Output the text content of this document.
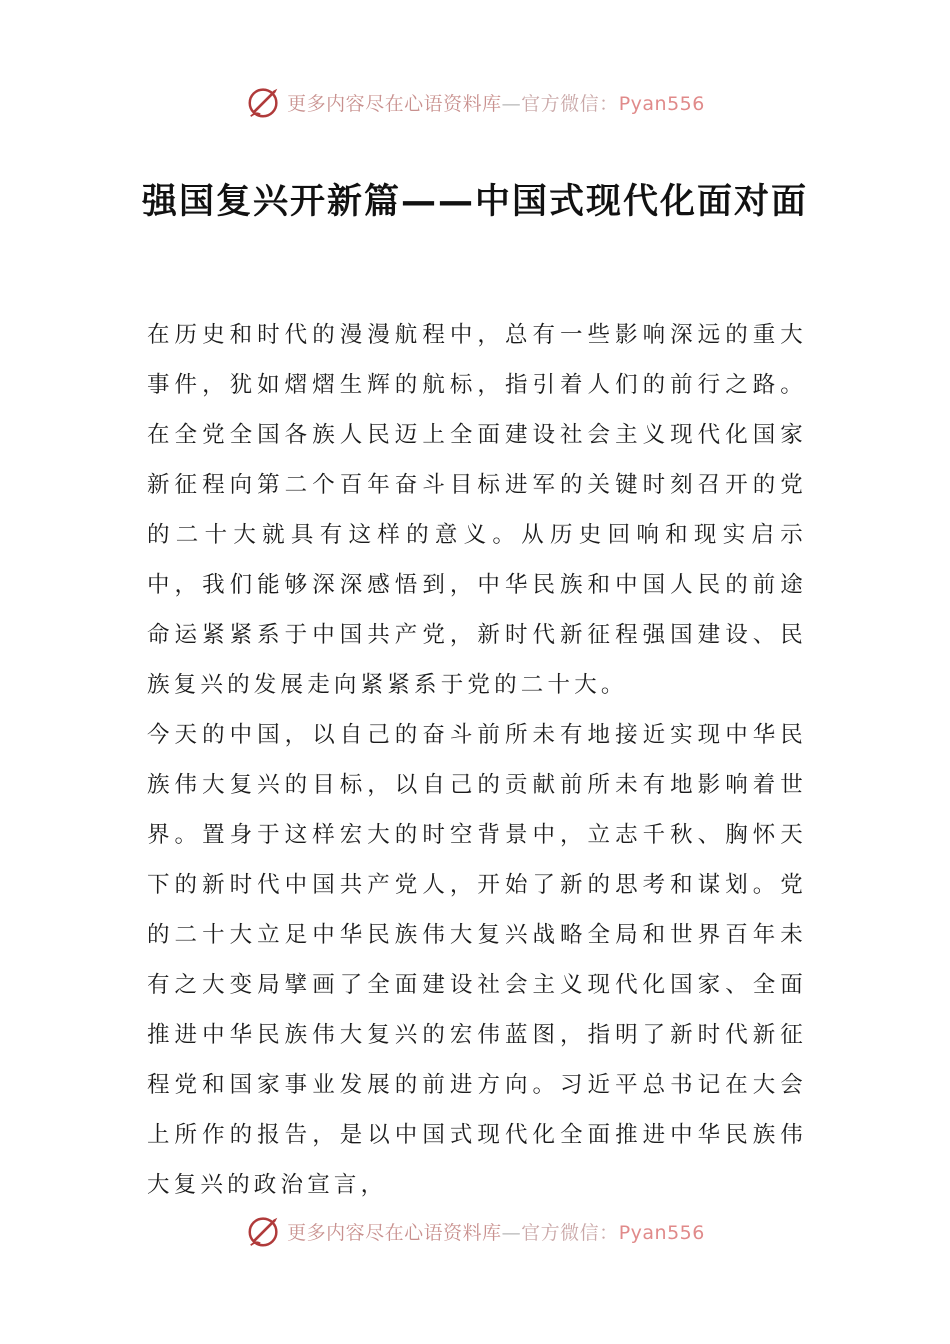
更多内容尽在心语资料库—官方微信：Pyan556
强国复兴开新篇——中国式现代化面对面

在历史和时代的漫漫航程中，总有一些影响深远的重大事件，犹如熠熠生辉的航标，指引着人们的前行之路。在全党全国各族人民迈上全面建设社会主义现代化国家新征程向第二个百年奋斗目标进军的关键时刻召开的党的二十大就具有这样的意义。从历史回响和现实启示中，我们能够深深感悟到，中华民族和中国人民的前途命运紧紧系于中国共产党，新时代新征程强国建设、民族复兴的发展走向紧紧系于党的二十大。

今天的中国，以自己的奋斗前所未有地接近实现中华民族伟大复兴的目标，以自己的贡献前所未有地影响着世界。置身于这样宏大的时空背景中，立志千秋、胸怀天下的新时代中国共产党人，开始了新的思考和谋划。党的二十大立足中华民族伟大复兴战略全局和世界百年未有之大变局擘画了全面建设社会主义现代化国家、全面推进中华民族伟大复兴的宏伟蓝图，指明了新时代新征程党和国家事业发展的前进方向。习近平总书记在大会上所作的报告，是以中国式现代化全面推进中华民族伟大复兴的政治宣言，

更多内容尽在心语资料库—官方微信：Pyan556
